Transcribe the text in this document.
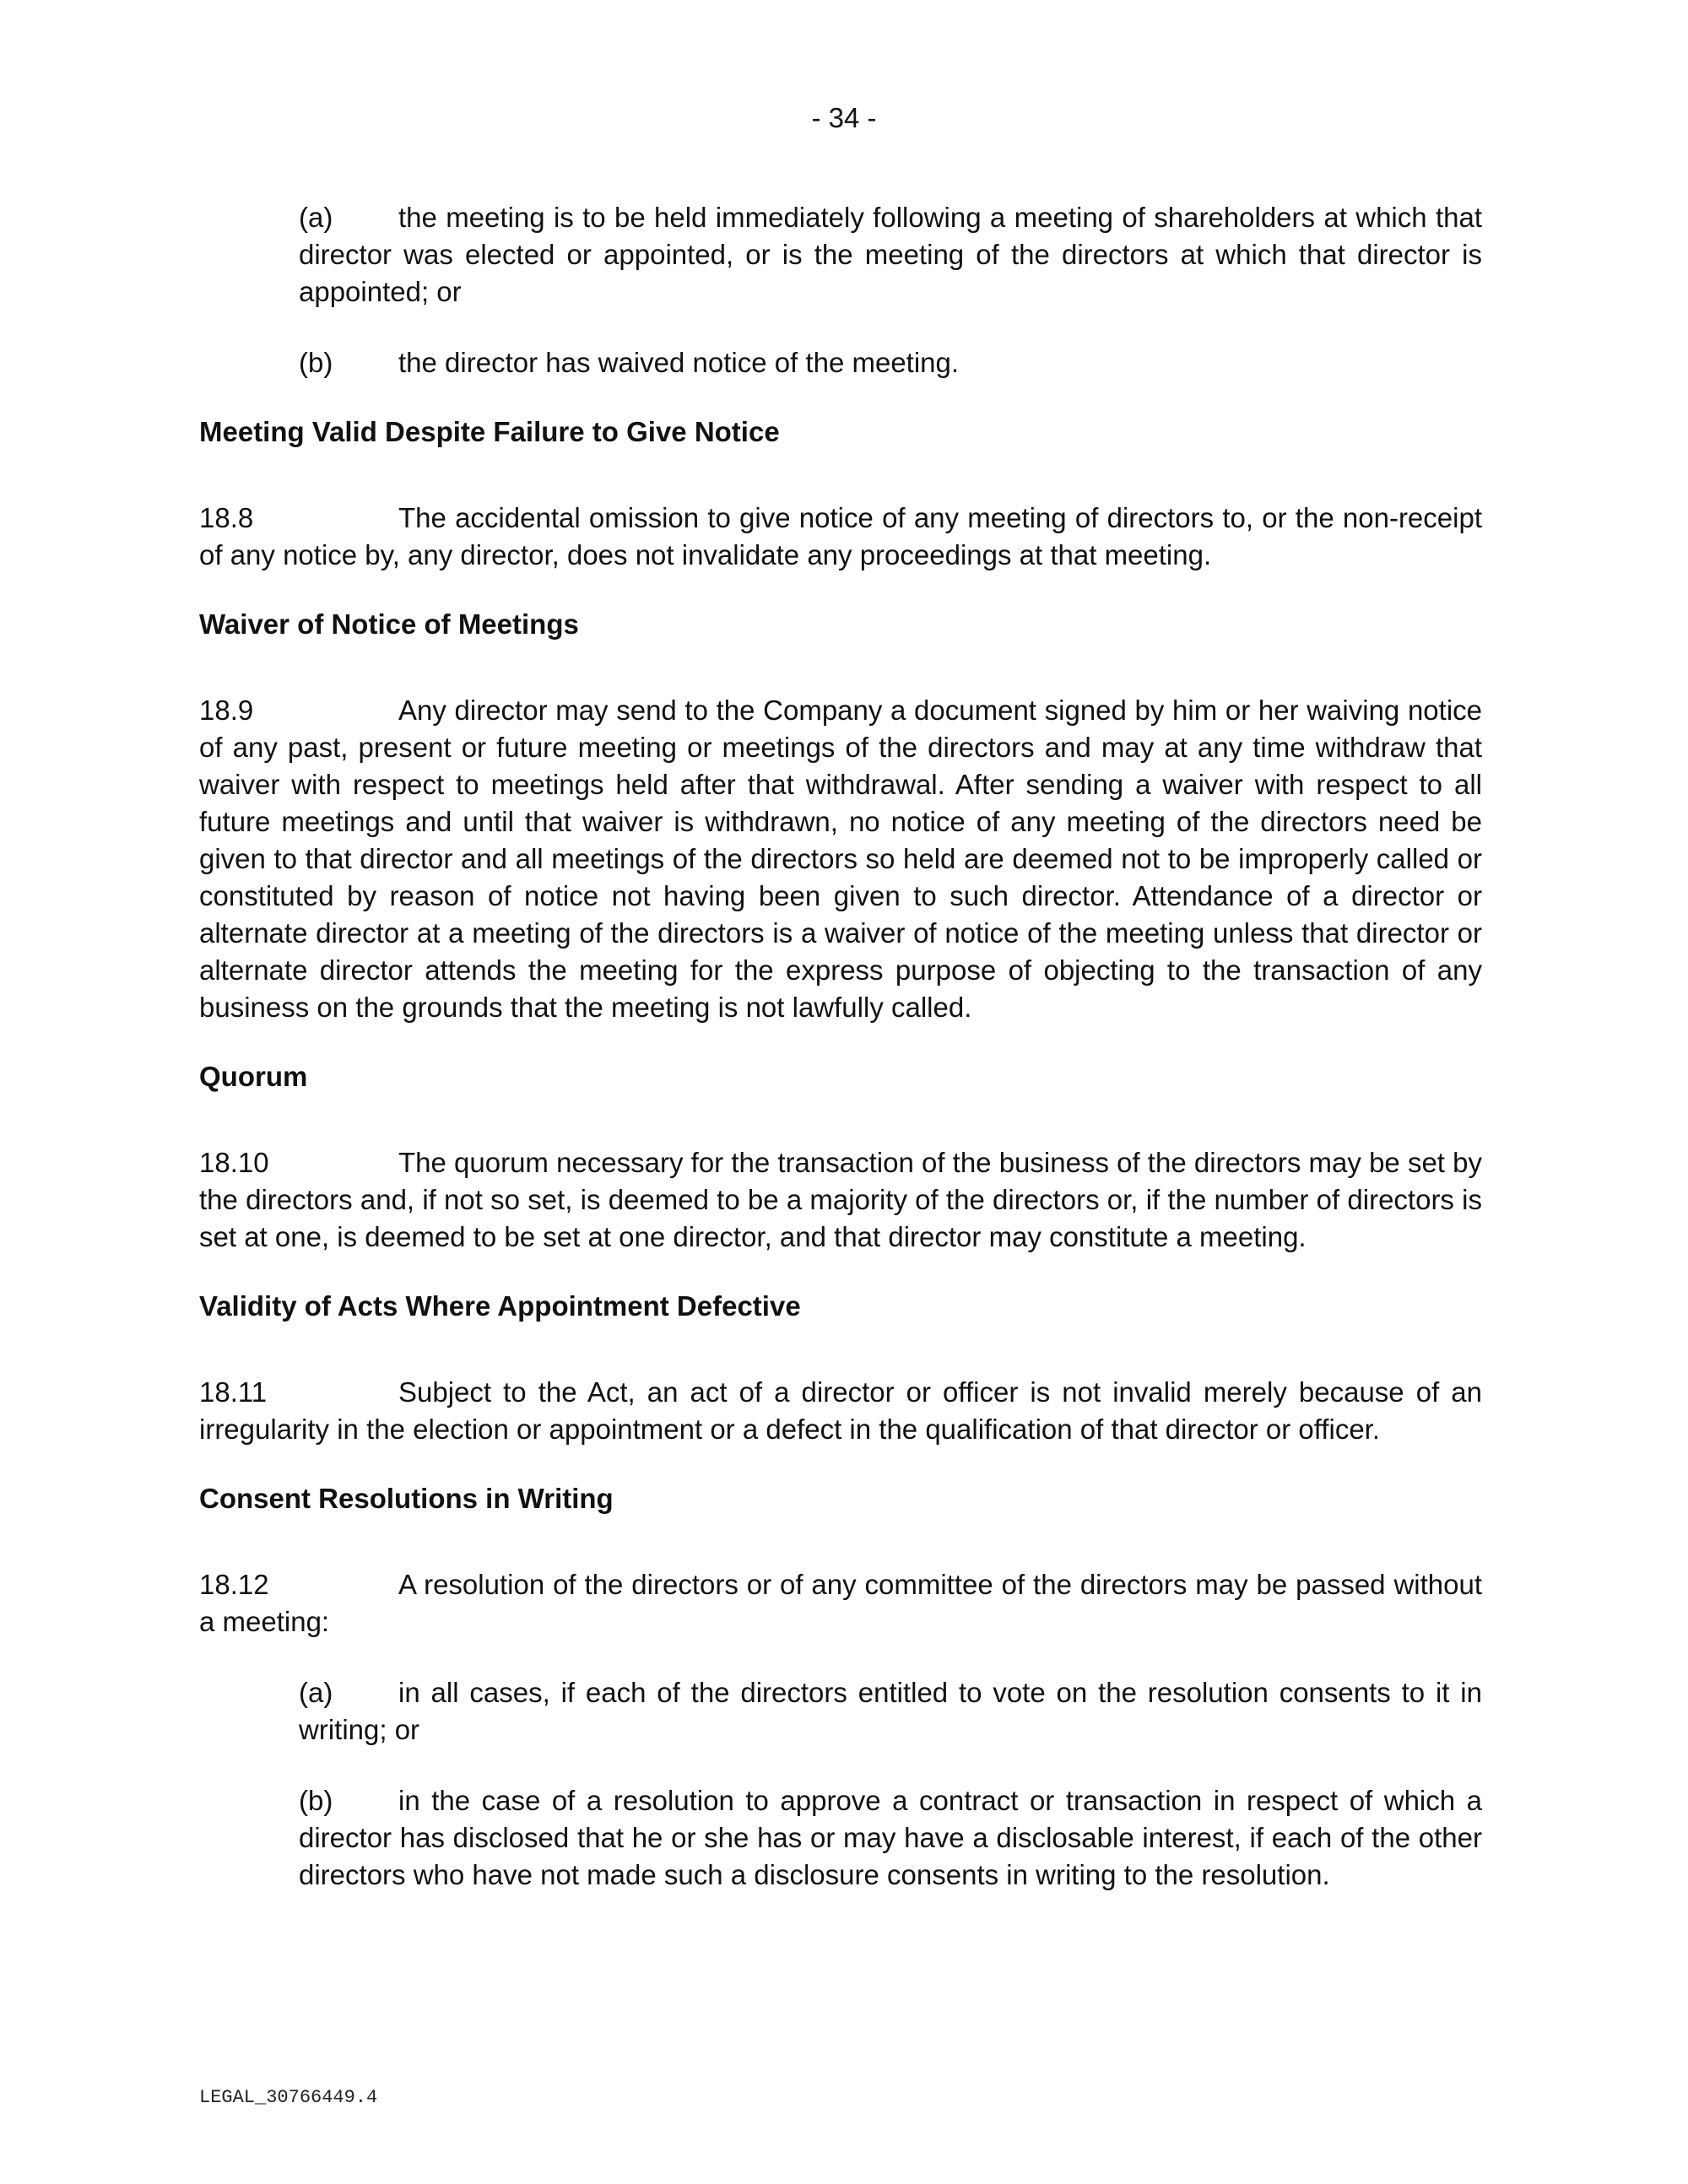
- 34 -

(a) the meeting is to be held immediately following a meeting of shareholders at which that director was elected or appointed, or is the meeting of the directors at which that director is appointed; or

(b) the director has waived notice of the meeting.

Meeting Valid Despite Failure to Give Notice

18.8	The accidental omission to give notice of any meeting of directors to, or the non-receipt of any notice by, any director, does not invalidate any proceedings at that meeting.

Waiver of Notice of Meetings

18.9	Any director may send to the Company a document signed by him or her waiving notice of any past, present or future meeting or meetings of the directors and may at any time withdraw that waiver with respect to meetings held after that withdrawal. After sending a waiver with respect to all future meetings and until that waiver is withdrawn, no notice of any meeting of the directors need be given to that director and all meetings of the directors so held are deemed not to be improperly called or constituted by reason of notice not having been given to such director. Attendance of a director or alternate director at a meeting of the directors is a waiver of notice of the meeting unless that director or alternate director attends the meeting for the express purpose of objecting to the transaction of any business on the grounds that the meeting is not lawfully called.

Quorum

18.10	The quorum necessary for the transaction of the business of the directors may be set by the directors and, if not so set, is deemed to be a majority of the directors or, if the number of directors is set at one, is deemed to be set at one director, and that director may constitute a meeting.

Validity of Acts Where Appointment Defective

18.11	Subject to the Act, an act of a director or officer is not invalid merely because of an irregularity in the election or appointment or a defect in the qualification of that director or officer.

Consent Resolutions in Writing

18.12	A resolution of the directors or of any committee of the directors may be passed without a meeting:

(a) in all cases, if each of the directors entitled to vote on the resolution consents to it in writing; or

(b) in the case of a resolution to approve a contract or transaction in respect of which a director has disclosed that he or she has or may have a disclosable interest, if each of the other directors who have not made such a disclosure consents in writing to the resolution.

LEGAL_30766449.4
